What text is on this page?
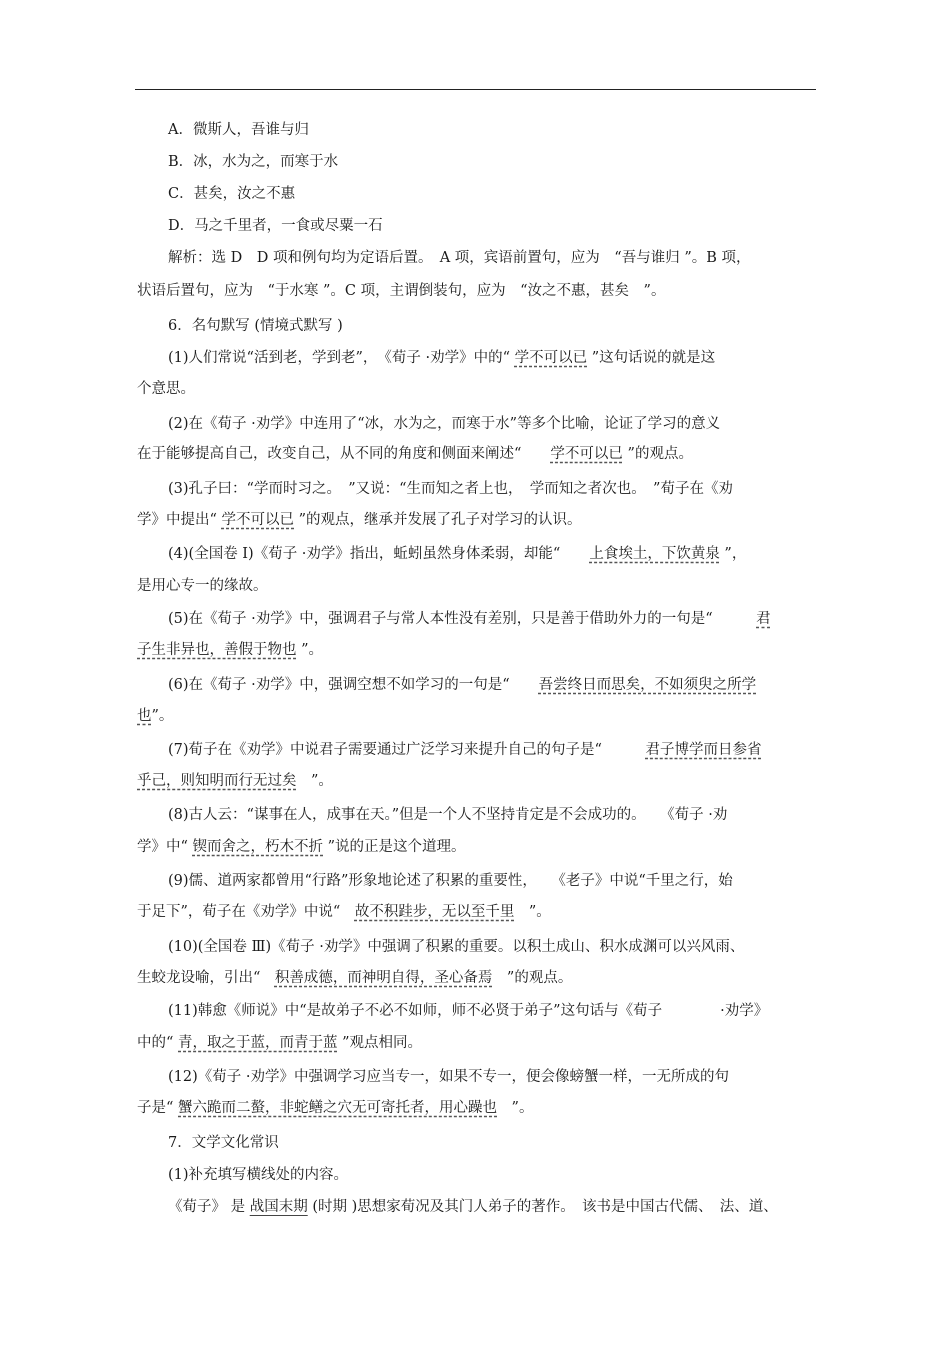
A．微斯人，吾谁与归
B．冰，水为之，而寒于水
C．甚矣，汝之不惠
D．马之千里者，一食或尽粟一石
解析：选 D　D 项和例句均为定语后置。　A 项，宾语前置句，应为　“吾与谁归 ”。B 项，
状语后置句，应为　“于水寒 ”。C 项，主谓倒装句，应为　“汝之不惠，甚矣　”。
6．名句默写 (情境式默写 )
(1)人们常说“活到老，学到老”，　《荀子 ·劝学》中的“ 学不可以已 ”这句话说的就是这
个意思。
(2)在《荀子 ·劝学》中连用了“冰，水为之，而寒于水”等多个比喻，论证了学习的意义
在于能够提高自己，改变自己，从不同的角度和侧面来阐述“　　学不可以已 ”的观点。
(3)孔子曰：“学而时习之。　”又说：“生而知之者上也，　学而知之者次也。　”荀子在《劝
学》中提出“ 学不可以已 ”的观点，继承并发展了孔子对学习的认识。
(4)(全国卷 Ⅰ)《荀子 ·劝学》指出，蚯蚓虽然身体柔弱，却能“　　上食埃土，下饮黄泉 ”，
是用心专一的缘故。
(5)在《荀子 ·劝学》中，强调君子与常人本性没有差别，只是善于借助外力的一句是“　　　君
子生非异也，善假于物也 ”。
(6)在《荀子 ·劝学》中，强调空想不如学习的一句是“　　吾尝终日而思矣，不如须臾之所学
也”。
(7)荀子在《劝学》中说君子需要通过广泛学习来提升自己的句子是“　　　君子博学而日参省
乎己，则知明而行无过矣　”。
(8)古人云：“谋事在人，成事在天。”但是一个人不坚持肯定是不会成功的。　　《荀子 ·劝
学》中“ 锲而舍之，朽木不折 ”说的正是这个道理。
(9)儒、道两家都曾用“行路”形象地论述了积累的重要性，　　《老子》中说“千里之行，始
于足下”，荀子在《劝学》中说“　故不积跬步，无以至千里　”。
(10)(全国卷 Ⅲ)《荀子 ·劝学》中强调了积累的重要。以积土成山、积水成渊可以兴风雨、
生蛟龙设喻，引出“　积善成德，而神明自得，圣心备焉　”的观点。
(11)韩愈《师说》中“是故弟子不必不如师，师不必贤于弟子”这句话与《荀子　　　　·劝学》
中的“ 青，取之于蓝，而青于蓝 ”观点相同。
(12)《荀子 ·劝学》中强调学习应当专一，如果不专一，便会像螃蟹一样，一无所成的句
子是“ 蟹六跪而二螯，非蛇鳝之穴无可寄托者，用心躁也　”。
7．文学文化常识
(1)补充填写横线处的内容。
《荀子》 是 战国末期 (时期 )思想家荀况及其门人弟子的著作。　该书是中国古代儒、　法、道、
